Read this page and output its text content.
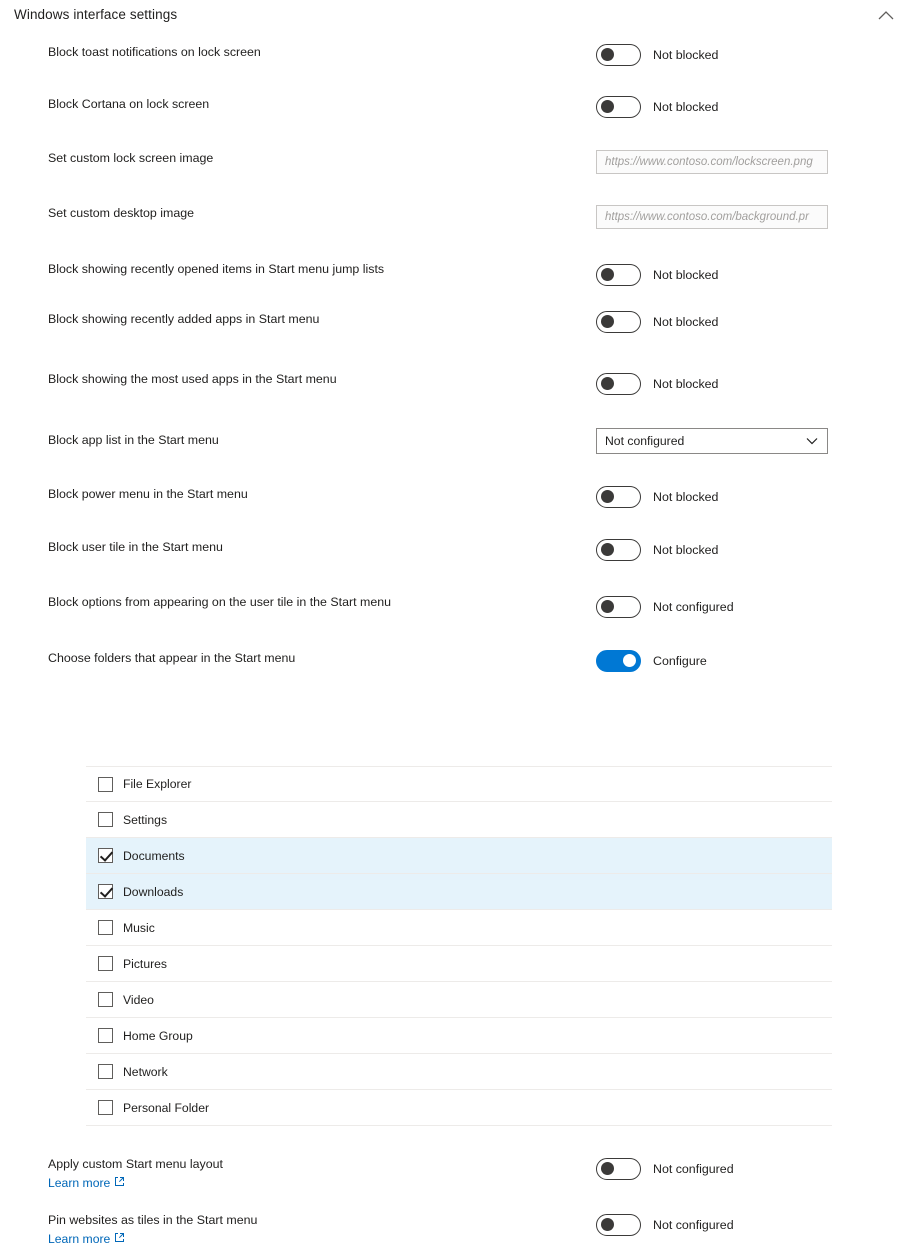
Windows interface settings
Block toast notifications on lock screen	Not blocked
Block Cortana on lock screen	Not blocked
Set custom lock screen image
https://www.contoso.com/lockscreen.png
Set custom desktop image
https://www.contoso.com/background.pr
Block showing recently opened items in Start menu jump lists	Not blocked
Block showing recently added apps in Start menu	Not blocked
Block showing the most used apps in the Start menu	Not blocked
Block app list in the Start menu	Not configured
Block power menu in the Start menu	Not blocked
Block user tile in the Start menu	Not blocked
Block options from appearing on the user tile in the Start menu	Not configured
Choose folders that appear in the Start menu	Configure
File Explorer
Settings
Documents
Downloads
Music
Pictures
Video
Home Group
Network
Personal Folder
Apply custom Start menu layout

Learn more
Not configured
Pin websites as tiles in the Start menu

Learn more
Not configured
